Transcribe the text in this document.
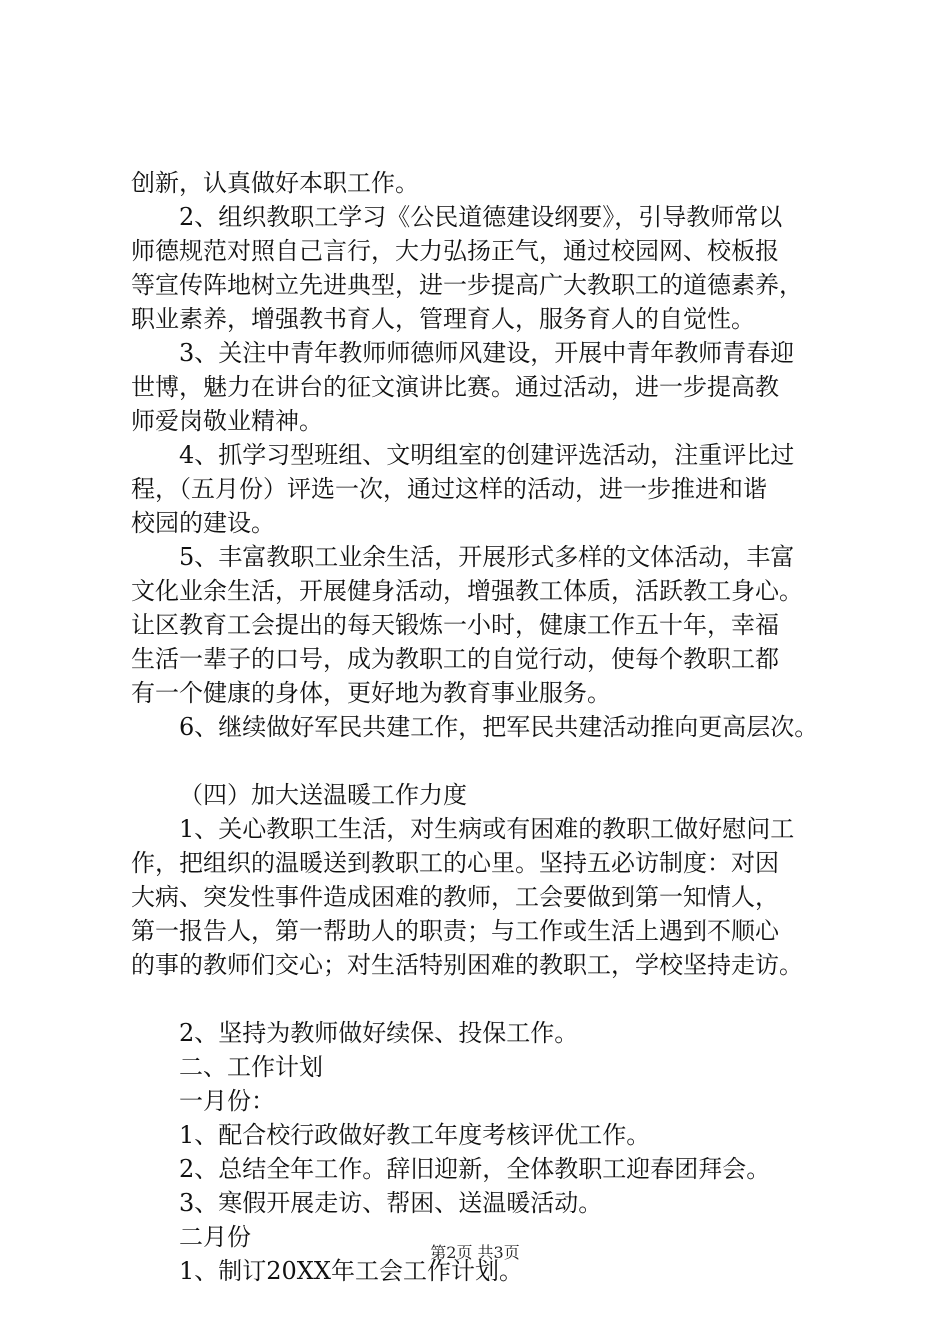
创新，认真做好本职工作。
2、组织教职工学习《公民道德建设纲要》，引导教师常以
师德规范对照自己言行，大力弘扬正气，通过校园网、校板报
等宣传阵地树立先进典型，进一步提高广大教职工的道德素养，
职业素养，增强教书育人，管理育人，服务育人的自觉性。
3、关注中青年教师师德师风建设，开展中青年教师青春迎
世博，魅力在讲台的征文演讲比赛。通过活动，进一步提高教
师爱岗敬业精神。
4、抓学习型班组、文明组室的创建评选活动，注重评比过
程，（五月份）评选一次，通过这样的活动，进一步推进和谐
校园的建设。
5、丰富教职工业余生活，开展形式多样的文体活动，丰富
文化业余生活，开展健身活动，增强教工体质，活跃教工身心。
让区教育工会提出的每天锻炼一小时，健康工作五十年，幸福
生活一辈子的口号，成为教职工的自觉行动，使每个教职工都
有一个健康的身体，更好地为教育事业服务。
6、继续做好军民共建工作，把军民共建活动推向更高层次。
（四）加大送温暖工作力度
1、关心教职工生活，对生病或有困难的教职工做好慰问工
作，把组织的温暖送到教职工的心里。坚持五必访制度：对因
大病、突发性事件造成困难的教师，工会要做到第一知情人，
第一报告人，第一帮助人的职责；与工作或生活上遇到不顺心
的事的教师们交心；对生活特别困难的教职工，学校坚持走访。
2、坚持为教师做好续保、投保工作。
二、工作计划
一月份：
1、配合校行政做好教工年度考核评优工作。
2、总结全年工作。辞旧迎新，全体教职工迎春团拜会。
3、寒假开展走访、帮困、送温暖活动。
二月份
1、制订20XX年工会工作计划。
第2页 共3页
